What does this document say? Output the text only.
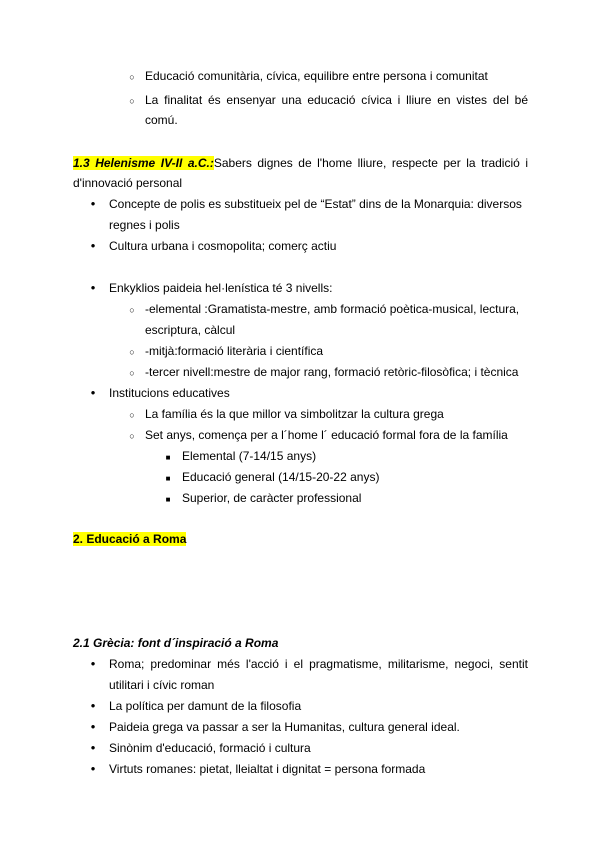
○
Educació comunitària, cívica, equilibre entre persona i comunitat
○
La finalitat és ensenyar una educació cívica i lliure en vistes del bé
comú.
1.3 Helenisme IV-II a.C.:Sabers dignes de l'home lliure, respecte per la tradició i
d'innovació personal
•
Concepte de polis es substitueix pel de “Estat” dins de la Monarquia: diversos
regnes i polis
•
Cultura urbana i cosmopolita; comerç actiu
•
Enkyklios paideia hel·lenística té 3 nivells:
○
-elemental :Gramatista-mestre, amb formació poètica-musical, lectura,
escriptura, càlcul
○
-mitjà:formació literària i científica
○
-tercer nivell:mestre de major rang, formació retòric-filosòfica; i tècnica
•
Institucions educatives
○
La família és la que millor va simbolitzar la cultura grega
○
Set anys, comença per a l´home l´ educació formal fora de la família
■
Elemental (7-14/15 anys)
■
Educació general (14/15-20-22 anys)
■
Superior, de caràcter professional
2. Educació a Roma
2.1 Grècia: font d´inspiració a Roma
•
Roma; predominar més l'acció i el pragmatisme, militarisme, negoci, sentit
utilitari i cívic roman
•
La política per damunt de la filosofia
•
Paideia grega va passar a ser la Humanitas, cultura general ideal.
•
Sinònim d'educació, formació i cultura
•
Virtuts romanes: pietat, lleialtat i dignitat = persona formada
